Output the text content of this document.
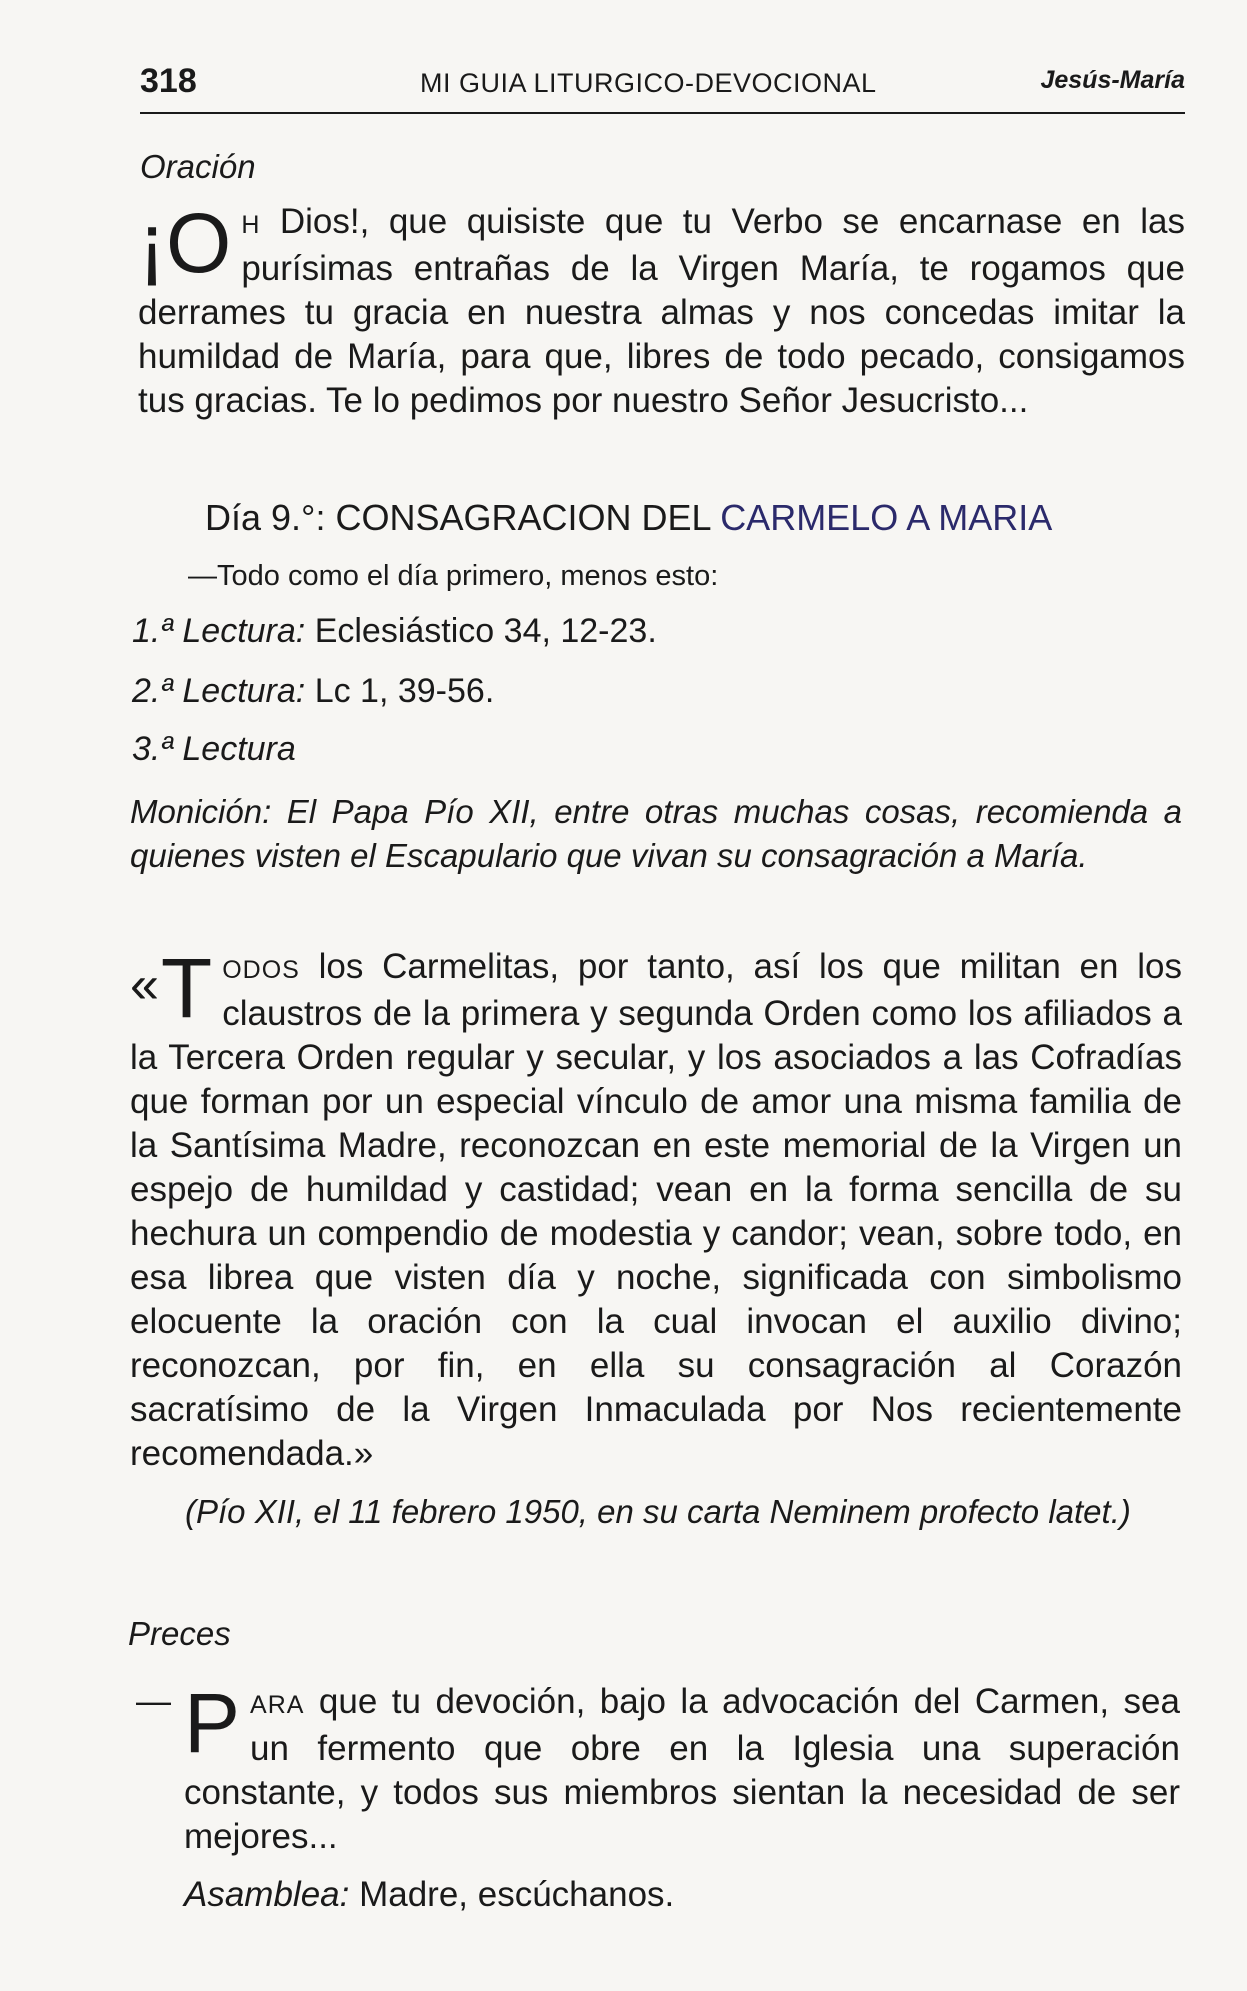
318	MI GUIA LITURGICO-DEVOCIONAL	Jesús-María
Oración
¡O H Dios!, que quisiste que tu Verbo se encarnase en las purísimas entrañas de la Virgen María, te rogamos que derrames tu gracia en nuestra almas y nos concedas imitar la humildad de María, para que, libres de todo pecado, consigamos tus gracias. Te lo pedimos por nuestro Señor Jesucristo...
Día 9.°: CONSAGRACION DEL CARMELO A MARIA
—Todo como el día primero, menos esto:
1.ª Lectura: Eclesiástico 34, 12-23.
2.ª Lectura: Lc 1, 39-56.
3.ª Lectura
Monición: El Papa Pío XII, entre otras muchas cosas, recomienda a quienes visten el Escapulario que vivan su consagración a María.
« T ODOS los Carmelitas, por tanto, así los que militan en los claustros de la primera y segunda Orden como los afiliados a la Tercera Orden regular y secular, y los asociados a las Cofradías que forman por un especial vínculo de amor una misma familia de la Santísima Madre, reconozcan en este memorial de la Virgen un espejo de humildad y castidad; vean en la forma sencilla de su hechura un compendio de modestia y candor; vean, sobre todo, en esa librea que visten día y noche, significada con simbolismo elocuente la oración con la cual invocan el auxilio divino; reconozcan, por fin, en ella su consagración al Corazón sacratísimo de la Virgen Inmaculada por Nos recientemente recomendada.»
(Pío XII, el 11 febrero 1950, en su carta Neminem profecto latet.)
Preces
— P ARA que tu devoción, bajo la advocación del Carmen, sea un fermento que obre en la Iglesia una superación constante, y todos sus miembros sientan la necesidad de ser mejores...
Asamblea: Madre, escúchanos.
